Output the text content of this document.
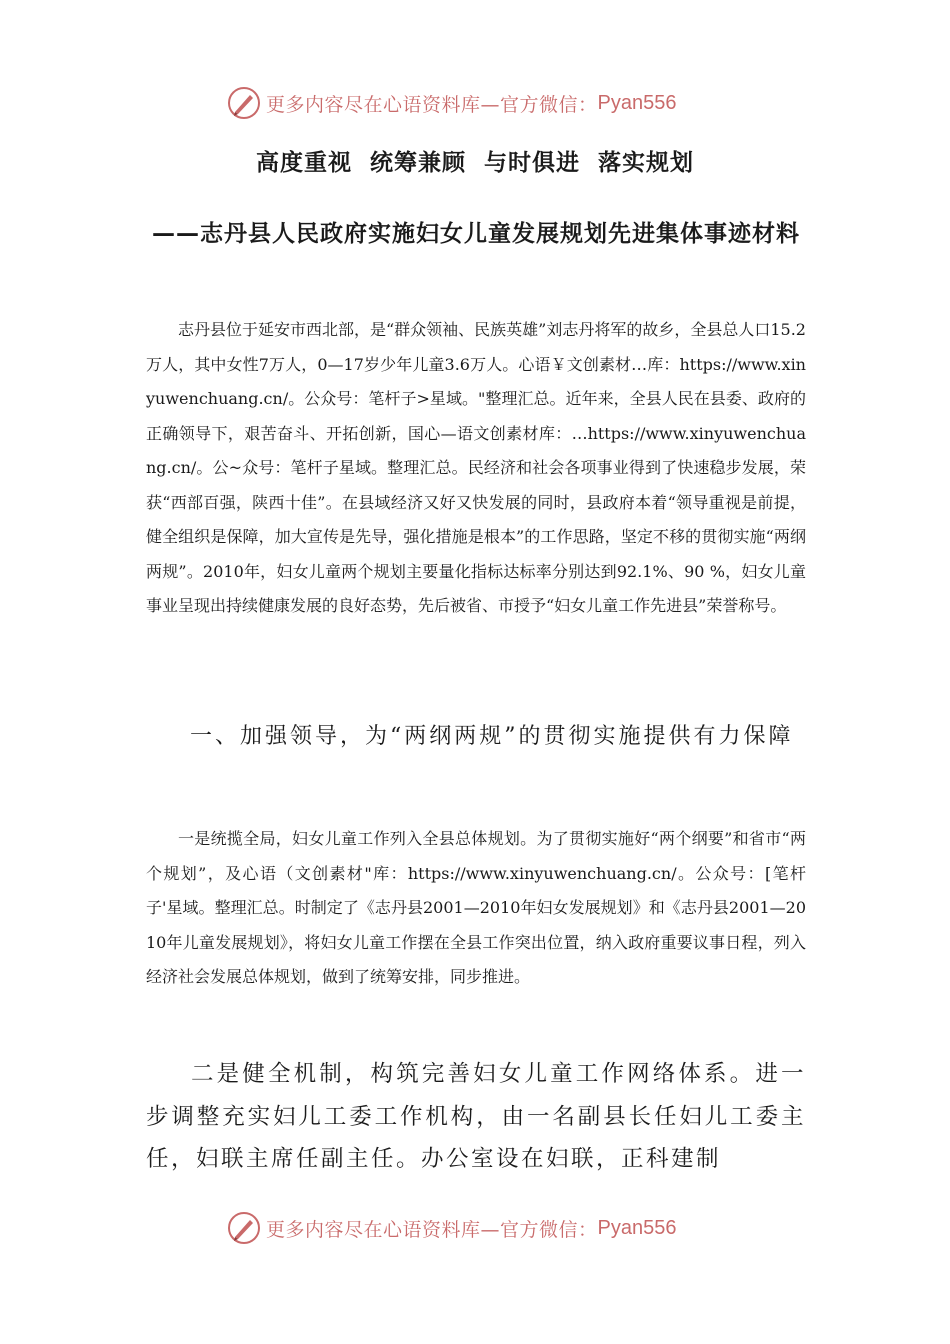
更多内容尽在心语资料库—官方微信： Pyan556
高度重视  统筹兼顾  与时俱进  落实规划
——志丹县人民政府实施妇女儿童发展规划先进集体事迹材料

志丹县位于延安市西北部，是“群众领袖、民族英雄”刘志丹将军的故乡，全县总人口15.2万人，其中女性7万人，0—17岁少年儿童3.6万人。心语￥文创素材…库：https://www.xinyuwenchuang.cn/。公众号：笔杆子>星域。"整理汇总。近年来，全县人民在县委、政府的正确领导下，艰苦奋斗、开拓创新，国心—语文创素材库：…https://www.xinyuwenchuang.cn/。公~众号：笔杆子星域。整理汇总。民经济和社会各项事业得到了快速稳步发展，荣获“西部百强，陕西十佳”。在县域经济又好又快发展的同时，县政府本着“领导重视是前提，健全组织是保障，加大宣传是先导，强化措施是根本”的工作思路，坚定不移的贯彻实施“两纲两规”。2010年，妇女儿童两个规划主要量化指标达标率分别达到92.1%、90 %，妇女儿童事业呈现出持续健康发展的良好态势，先后被省、市授予“妇女儿童工作先进县”荣誉称号。

一、加强领导，为“两纲两规”的贯彻实施提供有力保障

一是统揽全局，妇女儿童工作列入全县总体规划。为了贯彻实施好“两个纲要”和省市“两个规划”，及心语（文创素材"库：https://www.xinyuwenchuang.cn/。公众号：[笔杆子'星域。整理汇总。时制定了《志丹县2001—2010年妇女发展规划》和《志丹县2001—2010年儿童发展规划》，将妇女儿童工作摆在全县工作突出位置，纳入政府重要议事日程，列入经济社会发展总体规划，做到了统筹安排，同步推进。

二是健全机制，构筑完善妇女儿童工作网络体系。进一步调整充实妇儿工委工作机构，由一名副县长任妇儿工委主任，妇联主席任副主任。办公室设在妇联，正科建制

更多内容尽在心语资料库—官方微信： Pyan556
